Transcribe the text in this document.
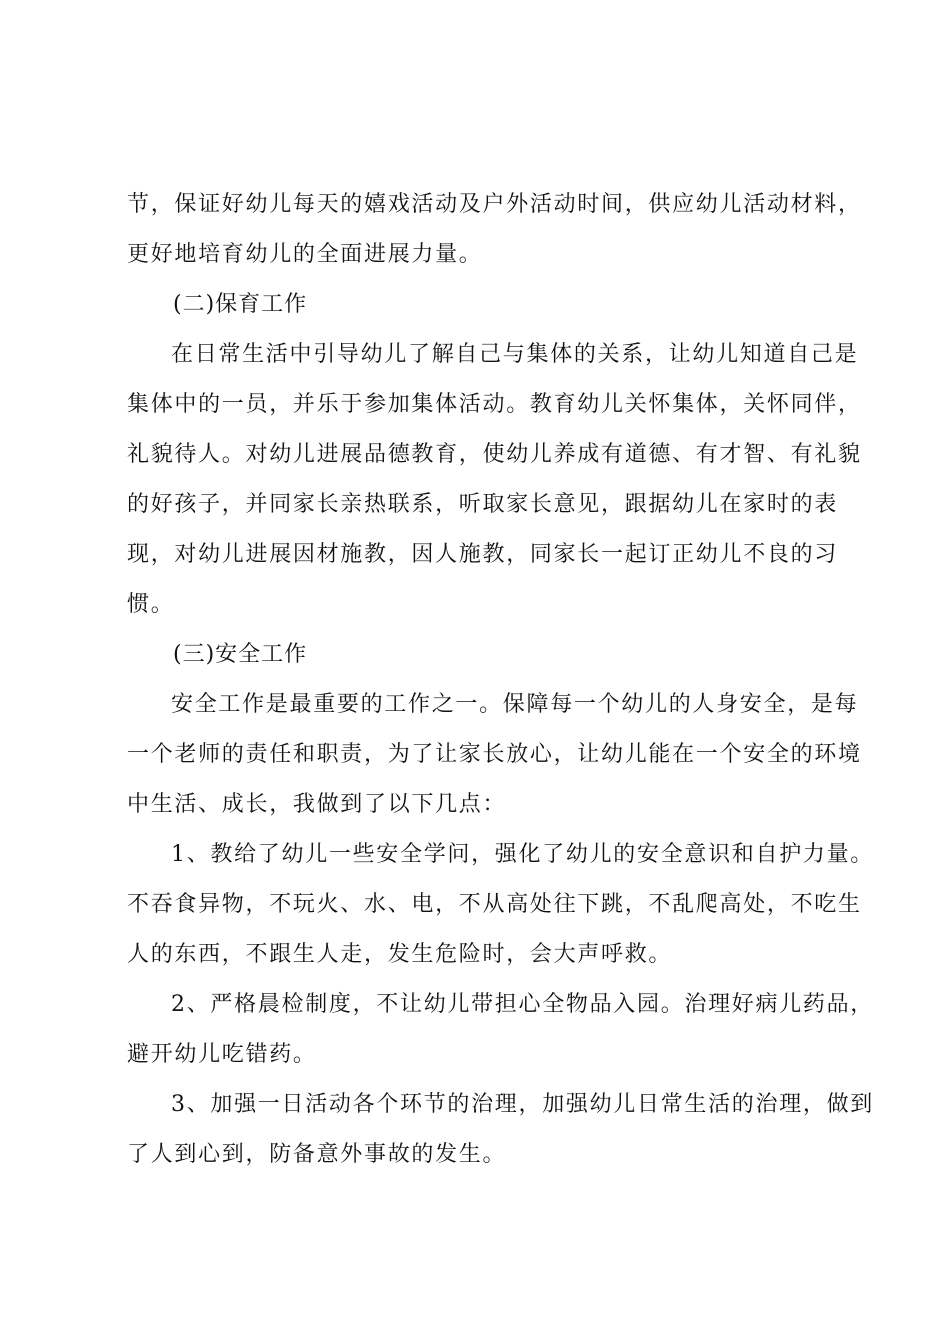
节，保证好幼儿每天的嬉戏活动及户外活动时间，供应幼儿活动材料，

更好地培育幼儿的全面进展力量。

(二)保育工作

在日常生活中引导幼儿了解自己与集体的关系，让幼儿知道自己是

集体中的一员，并乐于参加集体活动。教育幼儿关怀集体，关怀同伴，

礼貌待人。对幼儿进展品德教育，使幼儿养成有道德、有才智、有礼貌

的好孩子，并同家长亲热联系，听取家长意见，跟据幼儿在家时的表

现，对幼儿进展因材施教，因人施教，同家长一起订正幼儿不良的习

惯。

(三)安全工作

安全工作是最重要的工作之一。保障每一个幼儿的人身安全，是每

一个老师的责任和职责，为了让家长放心，让幼儿能在一个安全的环境

中生活、成长，我做到了以下几点：

1、教给了幼儿一些安全学问，强化了幼儿的安全意识和自护力量。

不吞食异物，不玩火、水、电，不从高处往下跳，不乱爬高处，不吃生

人的东西，不跟生人走，发生危险时，会大声呼救。

2、严格晨检制度，不让幼儿带担心全物品入园。治理好病儿药品，

避开幼儿吃错药。

3、加强一日活动各个环节的治理，加强幼儿日常生活的治理，做到

了人到心到，防备意外事故的发生。
